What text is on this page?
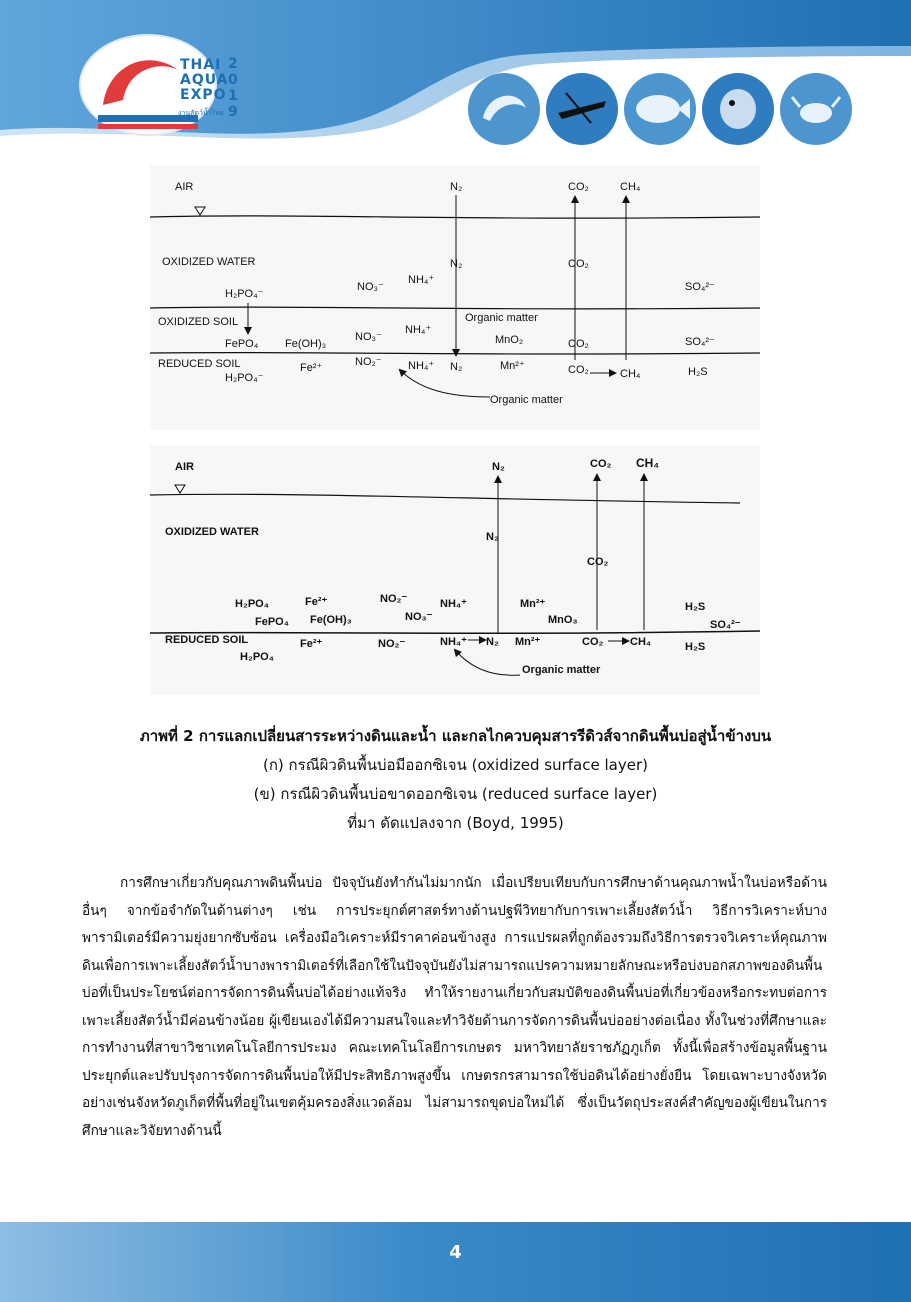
THAI
AQUA
EXPO
2
0
1
9
งานสัตว์น้ำไทย
AIR
OXIDIZED WATER
OXIDIZED SOIL
REDUCED SOIL
N₂
N₂
N₂
CO₂
CO₂
CO₂
CO₂
CH₄
CH₄
H₂PO₄⁻
FePO₄
H₂PO₄⁻
Fe(OH)₃
Fe²⁺
NO₃⁻
NO₃⁻
NO₂⁻
NH₄⁺
NH₄⁺
NH₄⁺
Organic matter
MnO₂
Mn²⁺
Organic matter
SO₄²⁻
SO₄²⁻
H₂S
AIR
OXIDIZED WATER
REDUCED SOIL
N₂
N₂
CO₂
CO₂
CH₄
H₂PO₄
FePO₄
H₂PO₄
Fe²⁺
Fe(OH)₃
Fe²⁺
NO₂⁻
NO₃⁻
NO₂⁻
NH₄⁺
NH₄⁺ N₂
Mn²⁺
MnO₃
Mn²⁺	CO₂ CH₄
Organic matter
H₂S
SO₄²⁻
H₂S
ภาพที่ 2 การแลกเปลี่ยนสารระหว่างดินและน้ำ และกลไกควบคุมสารรีดิวส์จากดินพื้นบ่อสู่น้ำข้างบน
(ก) กรณีผิวดินพื้นบ่อมีออกซิเจน (oxidized surface layer)
(ข) กรณีผิวดินพื้นบ่อขาดออกซิเจน (reduced surface layer)
ที่มา ดัดแปลงจาก (Boyd, 1995)
การศึกษาเกี่ยวกับคุณภาพดินพื้นบ่อ ปัจจุบันยังทำกันไม่มากนัก เมื่อเปรียบเทียบกับการศึกษาด้านคุณภาพน้ำในบ่อหรือด้านอื่นๆ จากข้อจำกัดในด้านต่างๆ เช่น การประยุกต์ศาสตร์ทางด้านปฐพีวิทยากับการเพาะเลี้ยงสัตว์น้ำ วิธีการวิเคราะห์บางพารามิเตอร์มีความยุ่งยากซับซ้อน เครื่องมือวิเคราะห์มีราคาค่อนข้างสูง การแปรผลที่ถูกต้องรวมถึงวิธีการตรวจวิเคราะห์คุณภาพดินเพื่อการเพาะเลี้ยงสัตว์น้ำบางพารามิเตอร์ที่เลือกใช้ในปัจจุบันยังไม่สามารถแปรความหมายลักษณะหรือบ่งบอกสภาพของดินพื้นบ่อที่เป็นประโยชน์ต่อการจัดการดินพื้นบ่อได้อย่างแท้จริง ทำให้รายงานเกี่ยวกับสมบัติของดินพื้นบ่อที่เกี่ยวข้องหรือกระทบต่อการเพาะเลี้ยงสัตว์น้ำมีค่อนข้างน้อย ผู้เขียนเองได้มีความสนใจและทำวิจัยด้านการจัดการดินพื้นบ่ออย่างต่อเนื่อง ทั้งในช่วงที่ศึกษาและการทำงานที่สาขาวิชาเทคโนโลยีการประมง คณะเทคโนโลยีการเกษตร มหาวิทยาลัยราชภัฏภูเก็ต ทั้งนี้เพื่อสร้างข้อมูลพื้นฐาน ประยุกต์และปรับปรุงการจัดการดินพื้นบ่อให้มีประสิทธิภาพสูงขึ้น เกษตรกรสามารถใช้บ่อดินได้อย่างยั่งยืน โดยเฉพาะบางจังหวัดอย่างเช่นจังหวัดภูเก็ตที่พื้นที่อยู่ในเขตคุ้มครองสิ่งแวดล้อม ไม่สามารถขุดบ่อใหม่ได้ ซึ่งเป็นวัตถุประสงค์สำคัญของผู้เขียนในการศึกษาและวิจัยทางด้านนี้
4
